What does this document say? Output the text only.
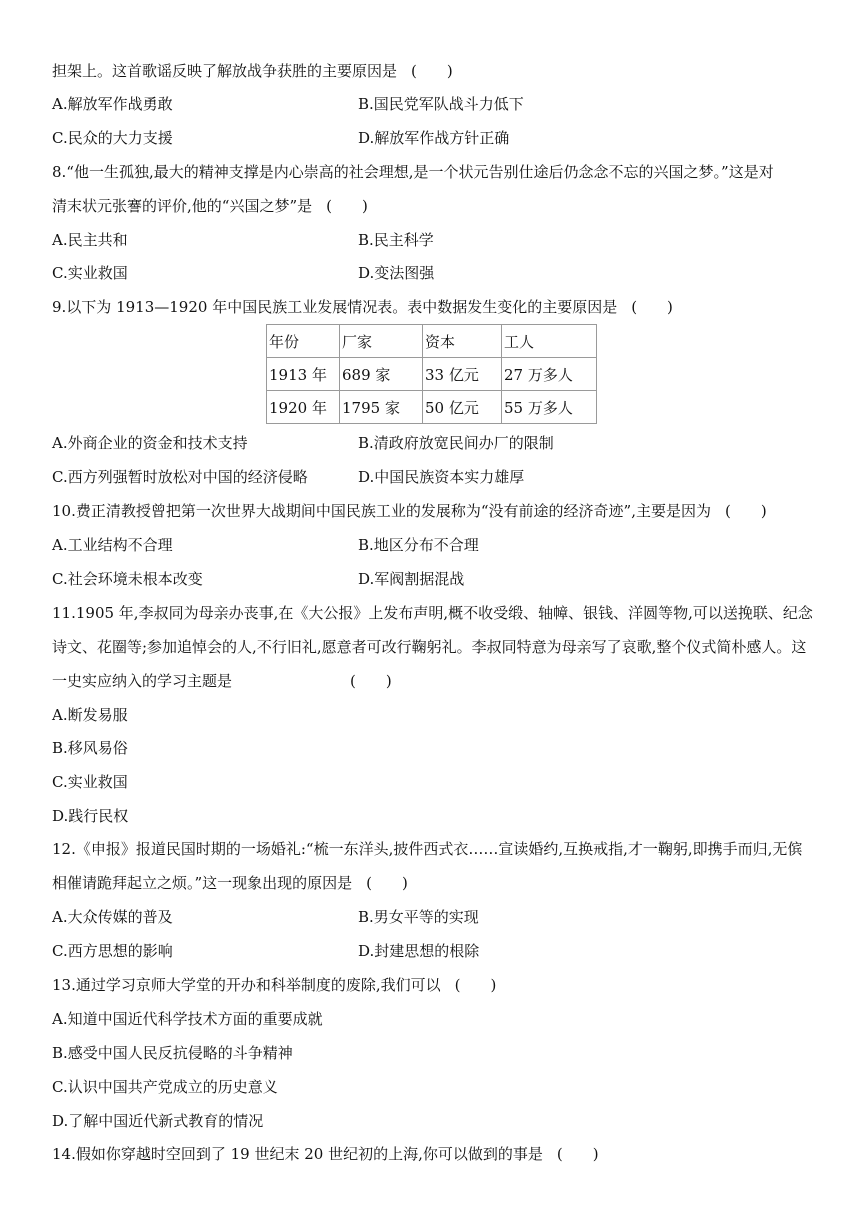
担架上。这首歌谣反映了解放战争获胜的主要原因是 (　　)
A.解放军作战勇敢	B.国民党军队战斗力低下
C.民众的大力支援	D.解放军作战方针正确
8.“他一生孤独,最大的精神支撑是内心崇高的社会理想,是一个状元告别仕途后仍念念不忘的兴国之梦。”这是对
清末状元张謇的评价,他的“兴国之梦”是 (　　)
A.民主共和	B.民主科学
C.实业救国	D.变法图强
9.以下为 1913—1920 年中国民族工业发展情况表。表中数据发生变化的主要原因是 (　　)
年份	厂家	资本	工人
1913 年	689 家	33 亿元	27 万多人
1920 年	1795 家	50 亿元	55 万多人
A.外商企业的资金和技术支持	B.清政府放宽民间办厂的限制
C.西方列强暂时放松对中国的经济侵略	D.中国民族资本实力雄厚
10.费正清教授曾把第一次世界大战期间中国民族工业的发展称为“没有前途的经济奇迹”,主要是因为 (　　)
A.工业结构不合理	B.地区分布不合理
C.社会环境未根本改变	D.军阀割据混战
11.1905 年,李叔同为母亲办丧事,在《大公报》上发布声明,概不收受缎、轴幛、银钱、洋圆等物,可以送挽联、纪念
诗文、花圈等;参加追悼会的人,不行旧礼,愿意者可改行鞠躬礼。李叔同特意为母亲写了哀歌,整个仪式简朴感人。这
一史实应纳入的学习主题是	(　　)
A.断发易服
B.移风易俗
C.实业救国
D.践行民权
12.《申报》报道民国时期的一场婚礼:“梳一东洋头,披件西式衣……宣读婚约,互换戒指,才一鞠躬,即携手而归,无傧
相催请跪拜起立之烦。”这一现象出现的原因是 (　　)
A.大众传媒的普及	B.男女平等的实现
C.西方思想的影响	D.封建思想的根除
13.通过学习京师大学堂的开办和科举制度的废除,我们可以 (　　)
A.知道中国近代科学技术方面的重要成就
B.感受中国人民反抗侵略的斗争精神
C.认识中国共产党成立的历史意义
D.了解中国近代新式教育的情况
14.假如你穿越时空回到了 19 世纪末 20 世纪初的上海,你可以做到的事是 (　　)
